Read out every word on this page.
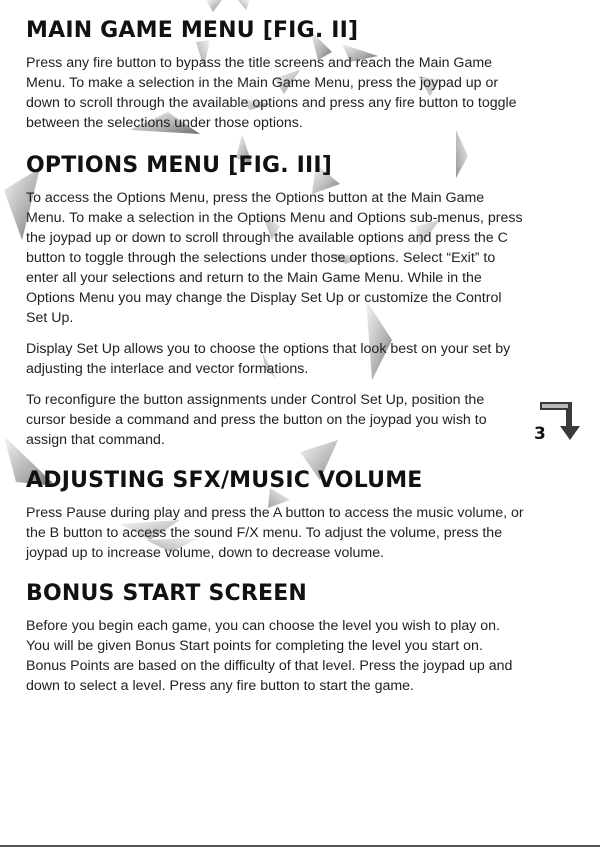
3
MAIN GAME MENU [FIG. II]

Press any fire button to bypass the title screens and reach the Main Game Menu. To make a selection in the Main Game Menu, press the joypad up or down to scroll through the available options and press any fire button to toggle between the selections under those options.

OPTIONS MENU [FIG. III]

To access the Options Menu, press the Options button at the Main Game Menu. To make a selection in the Options Menu and Options sub-menus, press the joypad up or down to scroll through the available options and press the C button to toggle through the selections under those options. Select “Exit” to enter all your selections and return to the Main Game Menu. While in the Options Menu you may change the Display Set Up or customize the Control Set Up.

Display Set Up allows you to choose the options that look best on your set by adjusting the interlace and vector formations.

To reconfigure the button assignments under Control Set Up, position the cursor beside a command and press the button on the joypad you wish to assign that command.

ADJUSTING SFX/MUSIC VOLUME

Press Pause during play and press the A button to access the music volume, or the B button to access the sound F/X menu. To adjust the volume, press the joypad up to increase volume, down to decrease volume.

BONUS START SCREEN

Before you begin each game, you can choose the level you wish to play on. You will be given Bonus Start points for completing the level you start on. Bonus Points are based on the difficulty of that level. Press the joypad up and down to select a level. Press any fire button to start the game.
